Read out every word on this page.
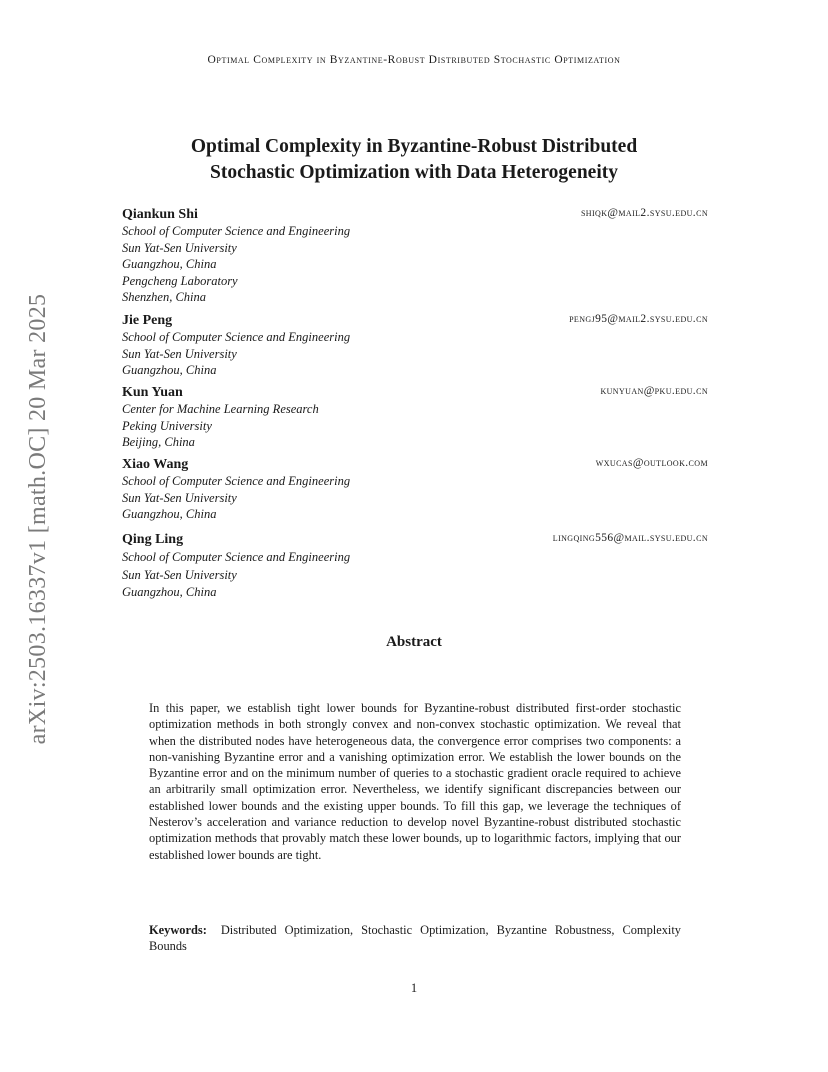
Optimal Complexity in Byzantine-Robust Distributed Stochastic Optimization
Optimal Complexity in Byzantine-Robust Distributed
Stochastic Optimization with Data Heterogeneity
arXiv:2503.16337v1 [math.OC] 20 Mar 2025
Qiankun Shi	shiqk@mail2.sysu.edu.cn
School of Computer Science and Engineering
Sun Yat-Sen University
Guangzhou, China
Pengcheng Laboratory
Shenzhen, China
Jie Peng	pengj95@mail2.sysu.edu.cn
School of Computer Science and Engineering
Sun Yat-Sen University
Guangzhou, China
Kun Yuan	kunyuan@pku.edu.cn
Center for Machine Learning Research
Peking University
Beijing, China
Xiao Wang	wxucas@outlook.com
School of Computer Science and Engineering
Sun Yat-Sen University
Guangzhou, China
Qing Ling	lingqing556@mail.sysu.edu.cn
School of Computer Science and Engineering
Sun Yat-Sen University
Guangzhou, China
Abstract
In this paper, we establish tight lower bounds for Byzantine-robust distributed first-order stochastic optimization methods in both strongly convex and non-convex stochastic optimization. We reveal that when the distributed nodes have heterogeneous data, the convergence error comprises two components: a non-vanishing Byzantine error and a vanishing optimization error. We establish the lower bounds on the Byzantine error and on the minimum number of queries to a stochastic gradient oracle required to achieve an arbitrarily small optimization error. Nevertheless, we identify significant discrepancies between our established lower bounds and the existing upper bounds. To fill this gap, we leverage the techniques of Nesterov’s acceleration and variance reduction to develop novel Byzantine-robust distributed stochastic optimization methods that provably match these lower bounds, up to logarithmic factors, implying that our established lower bounds are tight.
Keywords: Distributed Optimization, Stochastic Optimization, Byzantine Robustness, Complexity Bounds
1
